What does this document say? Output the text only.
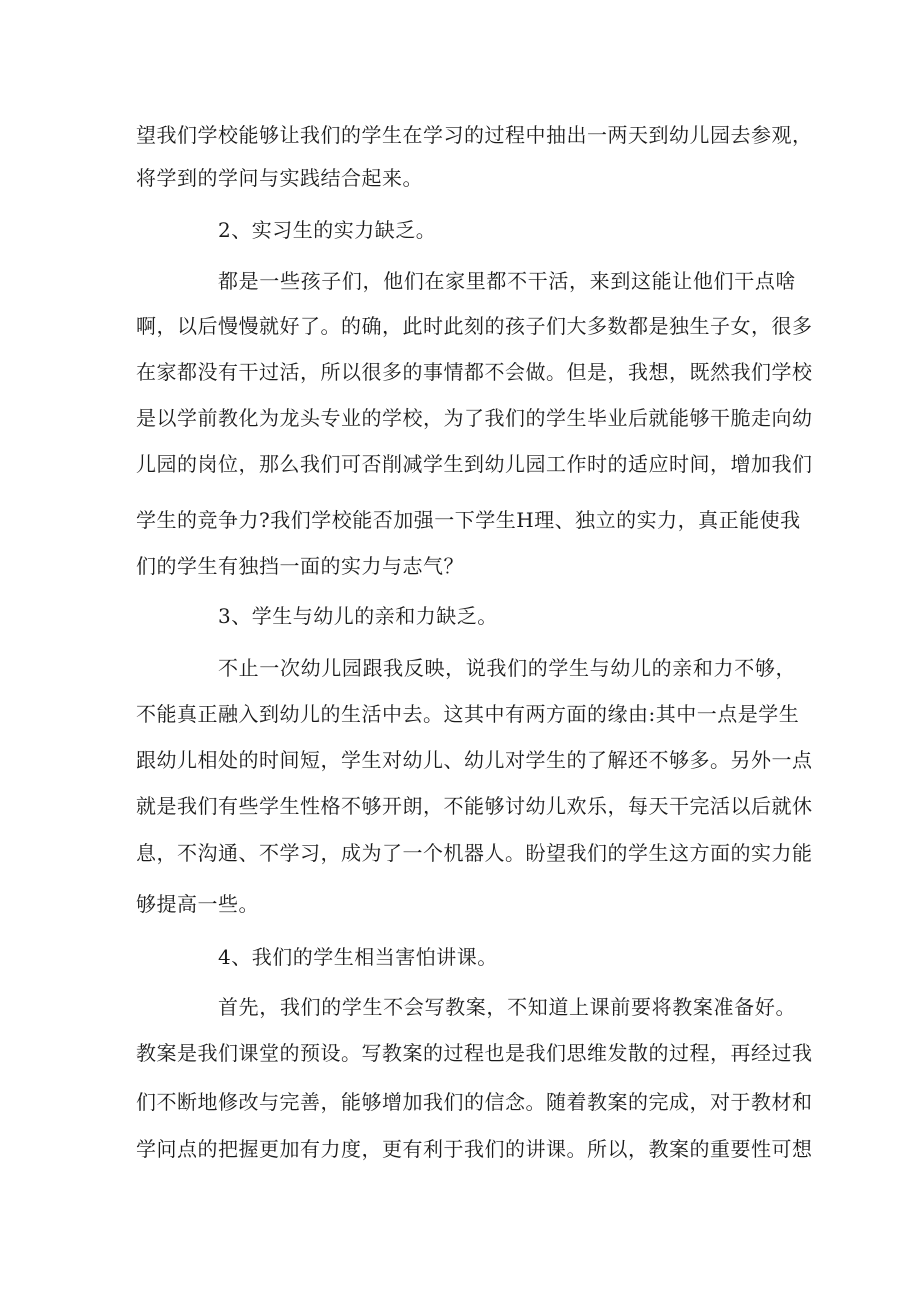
望我们学校能够让我们的学生在学习的过程中抽出一两天到幼儿园去参观，
将学到的学问与实践结合起来。
2、实习生的实力缺乏。
都是一些孩子们，他们在家里都不干活，来到这能让他们干点啥
啊，以后慢慢就好了。的确，此时此刻的孩子们大多数都是独生子女，很多
在家都没有干过活，所以很多的事情都不会做。但是，我想，既然我们学校
是以学前教化为龙头专业的学校，为了我们的学生毕业后就能够干脆走向幼
儿园的岗位，那么我们可否削减学生到幼儿园工作时的适应时间，增加我们
学生的竞争力?我们学校能否加强一下学生H理、独立的实力，真正能使我
们的学生有独挡一面的实力与志气？
3、学生与幼儿的亲和力缺乏。
不止一次幼儿园跟我反映，说我们的学生与幼儿的亲和力不够，
不能真正融入到幼儿的生活中去。这其中有两方面的缘由:其中一点是学生
跟幼儿相处的时间短，学生对幼儿、幼儿对学生的了解还不够多。另外一点
就是我们有些学生性格不够开朗，不能够讨幼儿欢乐，每天干完活以后就休
息，不沟通、不学习，成为了一个机器人。盼望我们的学生这方面的实力能
够提高一些。
4、我们的学生相当害怕讲课。
首先，我们的学生不会写教案，不知道上课前要将教案准备好。
教案是我们课堂的预设。写教案的过程也是我们思维发散的过程，再经过我
们不断地修改与完善，能够增加我们的信念。随着教案的完成，对于教材和
学问点的把握更加有力度，更有利于我们的讲课。所以，教案的重要性可想
